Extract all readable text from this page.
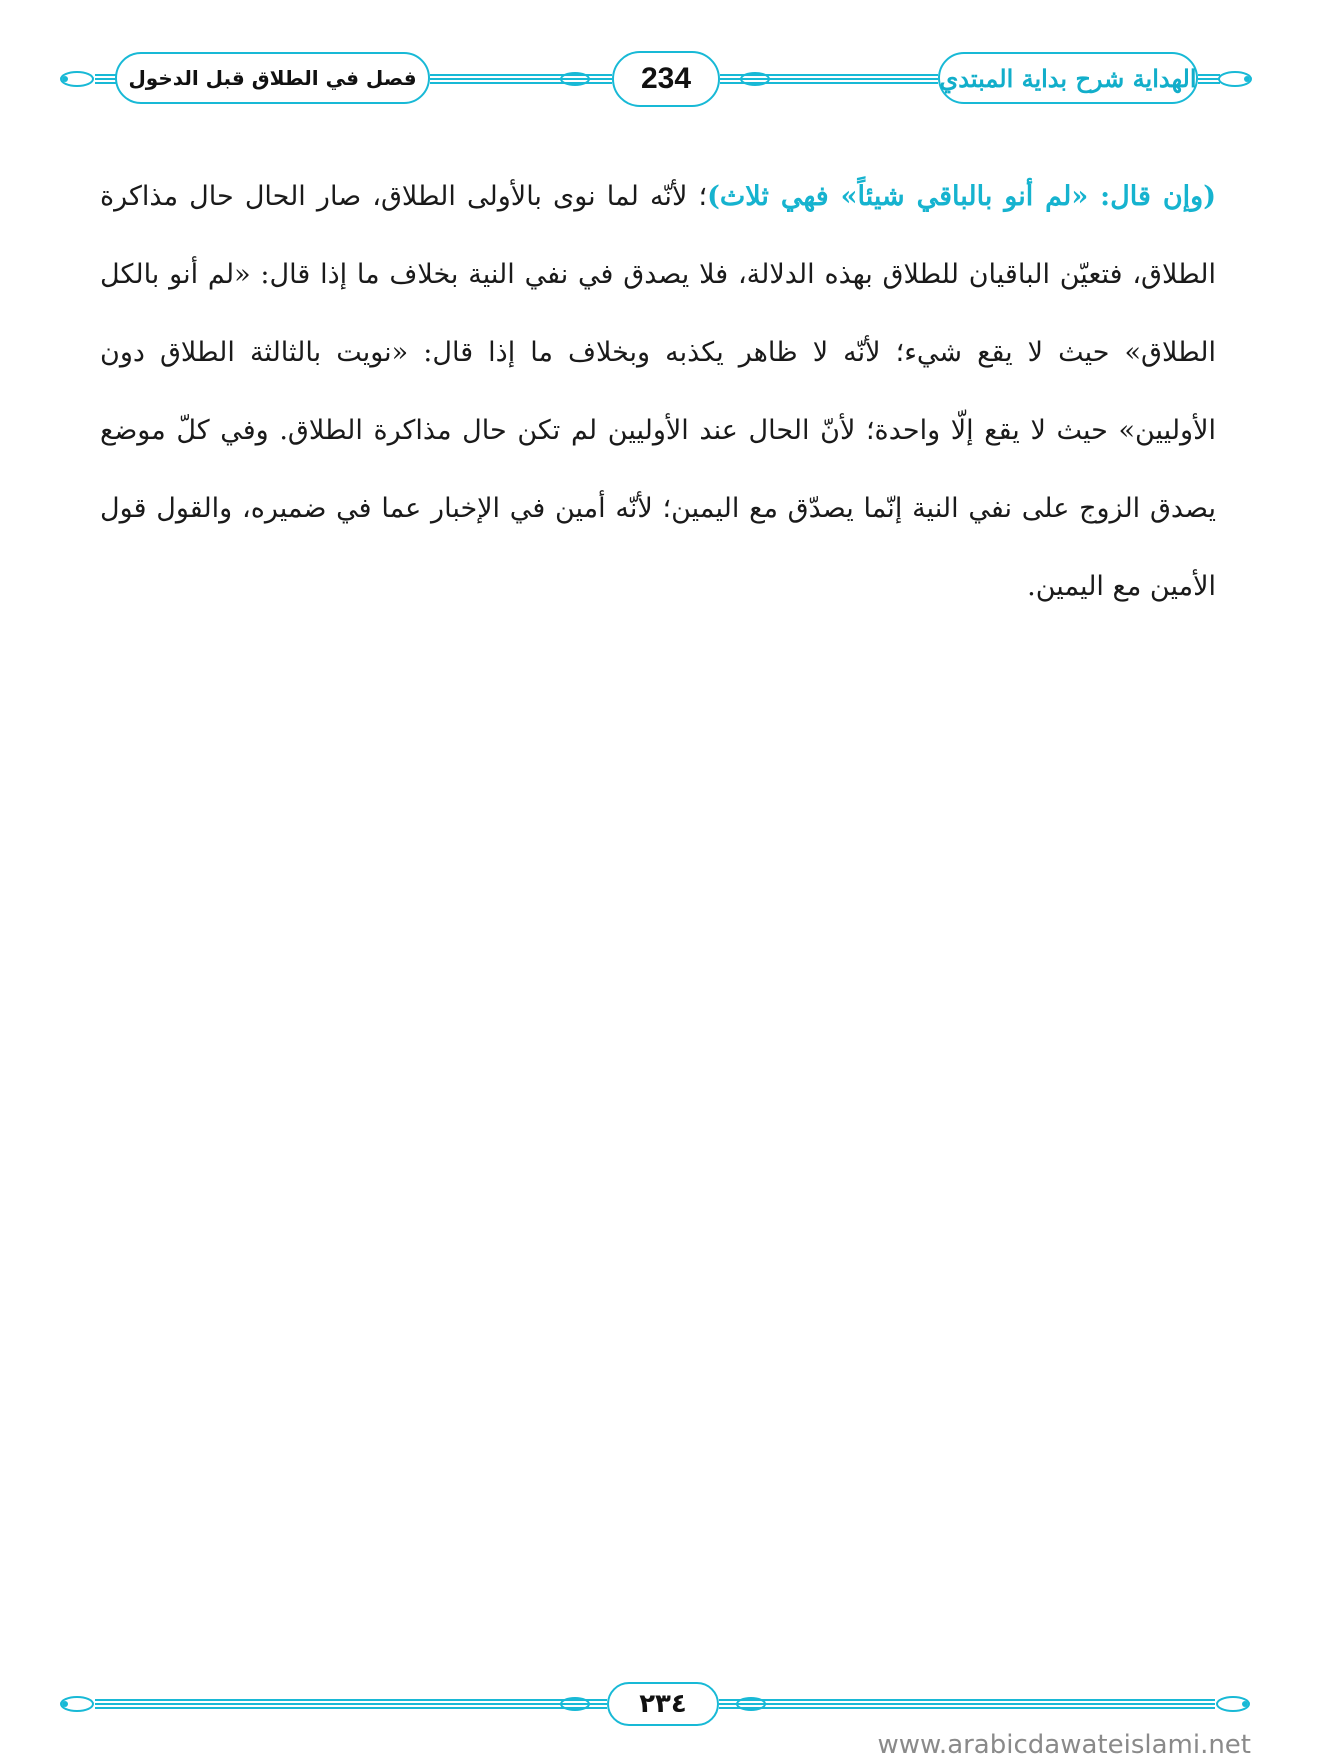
الهداية شرح بداية المبتدي
234
فصل في الطلاق قبل الدخول
(وإن قال: «لم أنو بالباقي شيئاً» فهي ثلاث)؛ لأنّه لما نوى بالأولى الطلاق، صار الحال حال مذاكرة الطلاق، فتعيّن الباقيان للطلاق بهذه الدلالة، فلا يصدق في نفي النية بخلاف ما إذا قال: «لم أنو بالكل الطلاق» حيث لا يقع شيء؛ لأنّه لا ظاهر يكذبه وبخلاف ما إذا قال: «نويت بالثالثة الطلاق دون الأوليين» حيث لا يقع إلّا واحدة؛ لأنّ الحال عند الأوليين لم تكن حال مذاكرة الطلاق. وفي كلّ موضع يصدق الزوج على نفي النية إنّما يصدّق مع اليمين؛ لأنّه أمين في الإخبار عما في ضميره، والقول قول الأمين مع اليمين.
٢٣٤
www.arabicdawateislami.net
